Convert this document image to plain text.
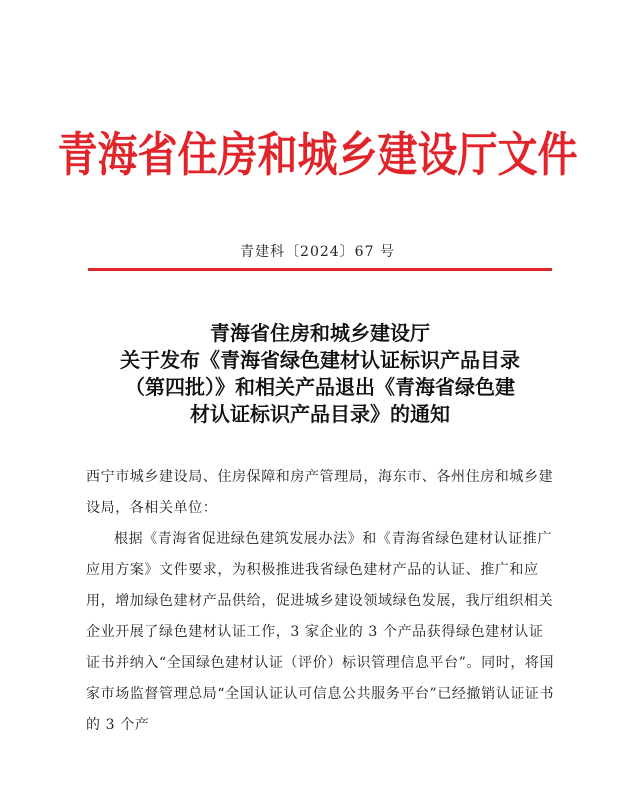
青海省住房和城乡建设厅文件
青建科〔2024〕67 号
青海省住房和城乡建设厅
关于发布《青海省绿色建材认证标识产品目录
（第四批）》和相关产品退出《青海省绿色建
材认证标识产品目录》的通知

西宁市城乡建设局、住房保障和房产管理局，海东市、各州住房和城乡建设局，各相关单位：

根据《青海省促进绿色建筑发展办法》和《青海省绿色建材认证推广应用方案》文件要求，为积极推进我省绿色建材产品的认证、推广和应用，增加绿色建材产品供给，促进城乡建设领域绿色发展，我厅组织相关企业开展了绿色建材认证工作，3 家企业的 3 个产品获得绿色建材认证证书并纳入“全国绿色建材认证（评价）标识管理信息平台”。同时，将国家市场监督管理总局“全国认证认可信息公共服务平台”已经撤销认证证书的 3 个产
